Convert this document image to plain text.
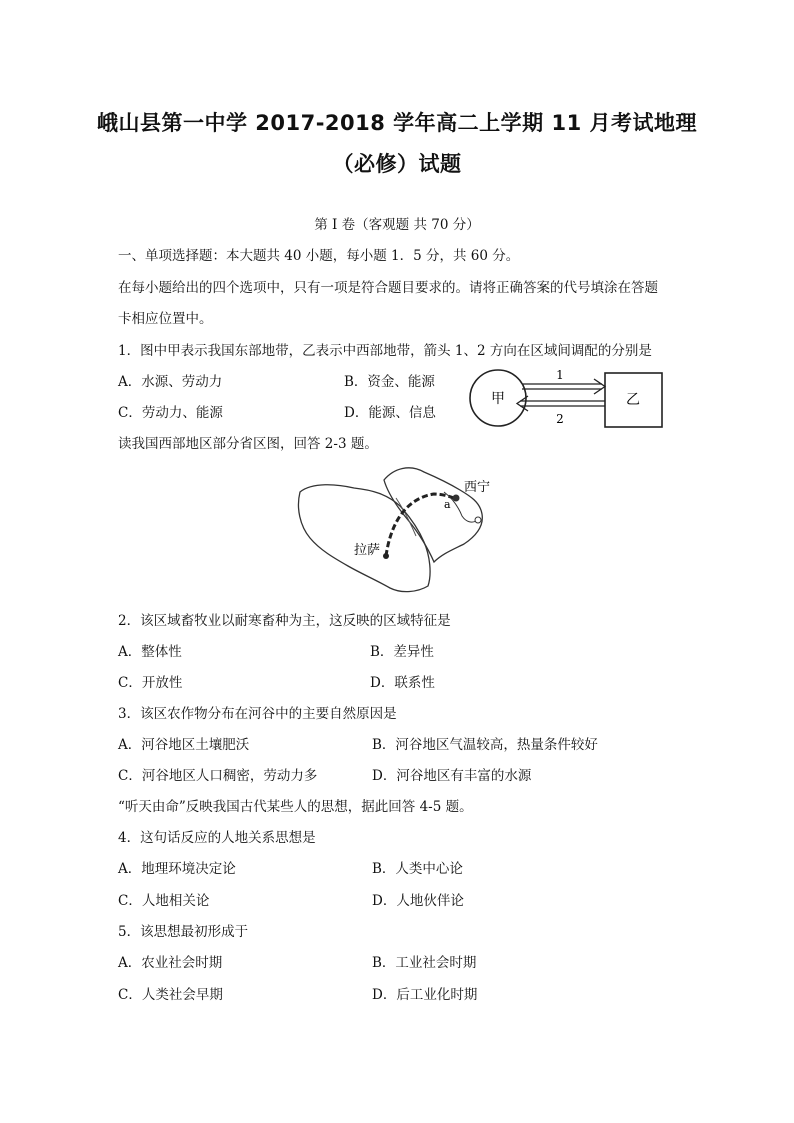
峨山县第一中学 2017-2018 学年高二上学期 11 月考试地理
（必修）试题
第 I 卷（客观题 共 70 分）
一、单项选择题：本大题共 40 小题，每小题 1．5 分，共 60 分。
在每小题给出的四个选项中，只有一项是符合题目要求的。请将正确答案的代号填涂在答题
卡相应位置中。
1．图中甲表示我国东部地带，乙表示中西部地带，箭头 1、2 方向在区域间调配的分别是
A．水源、劳动力	B．资金、能源
C．劳动力、能源	D．能源、信息
甲	乙
1
2
读我国西部地区部分省区图，回答 2-3 题。
西宁
拉萨
a
2．该区域畜牧业以耐寒畜种为主，这反映的区域特征是
A．整体性	B．差异性
C．开放性	D．联系性
3．该区农作物分布在河谷中的主要自然原因是
A．河谷地区土壤肥沃	B．河谷地区气温较高，热量条件较好
C．河谷地区人口稠密，劳动力多	D．河谷地区有丰富的水源
“听天由命”反映我国古代某些人的思想，据此回答 4-5 题。
4．这句话反应的人地关系思想是
A．地理环境决定论	B．人类中心论
C．人地相关论	D．人地伙伴论
5．该思想最初形成于
A．农业社会时期	B．工业社会时期
C．人类社会早期	D．后工业化时期
